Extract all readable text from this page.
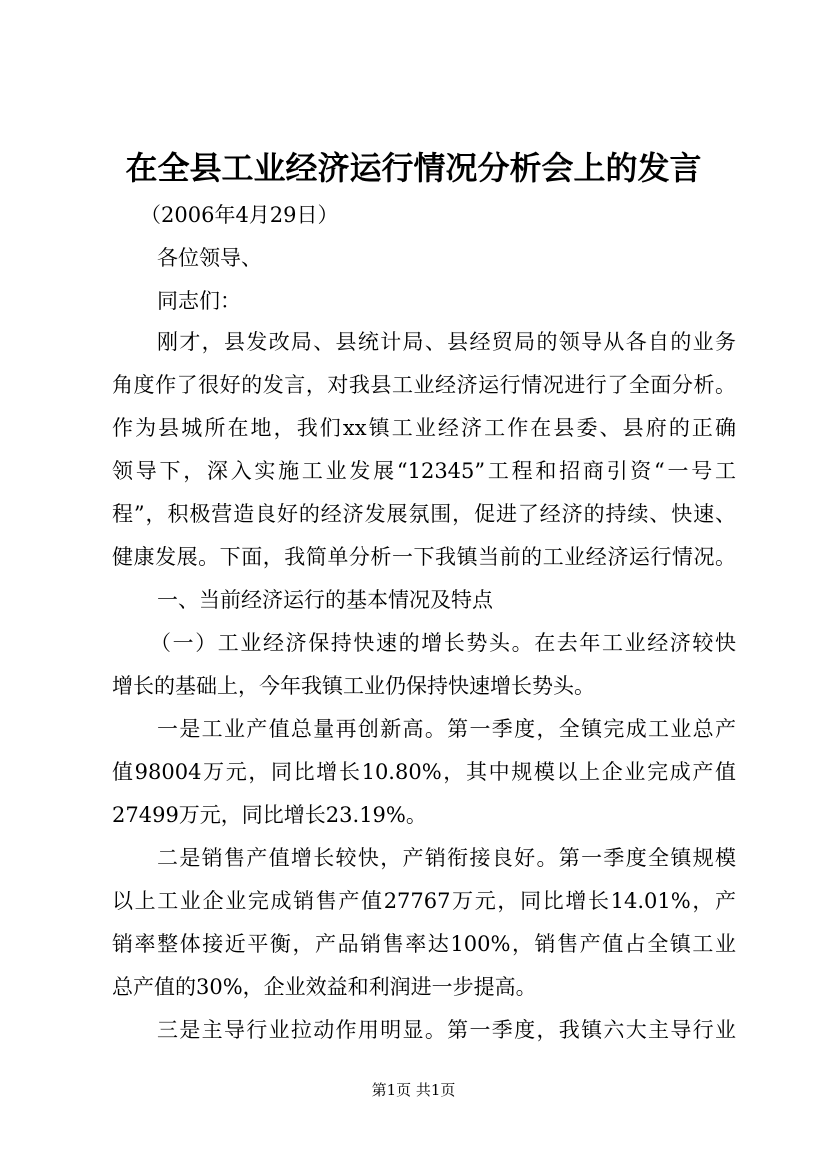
在全县工业经济运行情况分析会上的发言
（2006年4月29日）
各位领导、
同志们：
刚才，县发改局、县统计局、县经贸局的领导从各自的业务
角度作了很好的发言，对我县工业经济运行情况进行了全面分析。
作为县城所在地，我们xx镇工业经济工作在县委、县府的正确
领导下，深入实施工业发展“12345”工程和招商引资“一号工
程”，积极营造良好的经济发展氛围，促进了经济的持续、快速、
健康发展。下面，我简单分析一下我镇当前的工业经济运行情况。
一、当前经济运行的基本情况及特点
（一）工业经济保持快速的增长势头。在去年工业经济较快
增长的基础上，今年我镇工业仍保持快速增长势头。
一是工业产值总量再创新高。第一季度，全镇完成工业总产
值98004万元，同比增长10.80%，其中规模以上企业完成产值
27499万元，同比增长23.19%。
二是销售产值增长较快，产销衔接良好。第一季度全镇规模
以上工业企业完成销售产值27767万元，同比增长14.01%，产
销率整体接近平衡，产品销售率达100%，销售产值占全镇工业
总产值的30%，企业效益和利润进一步提高。
三是主导行业拉动作用明显。第一季度，我镇六大主导行业
第1页 共1页
